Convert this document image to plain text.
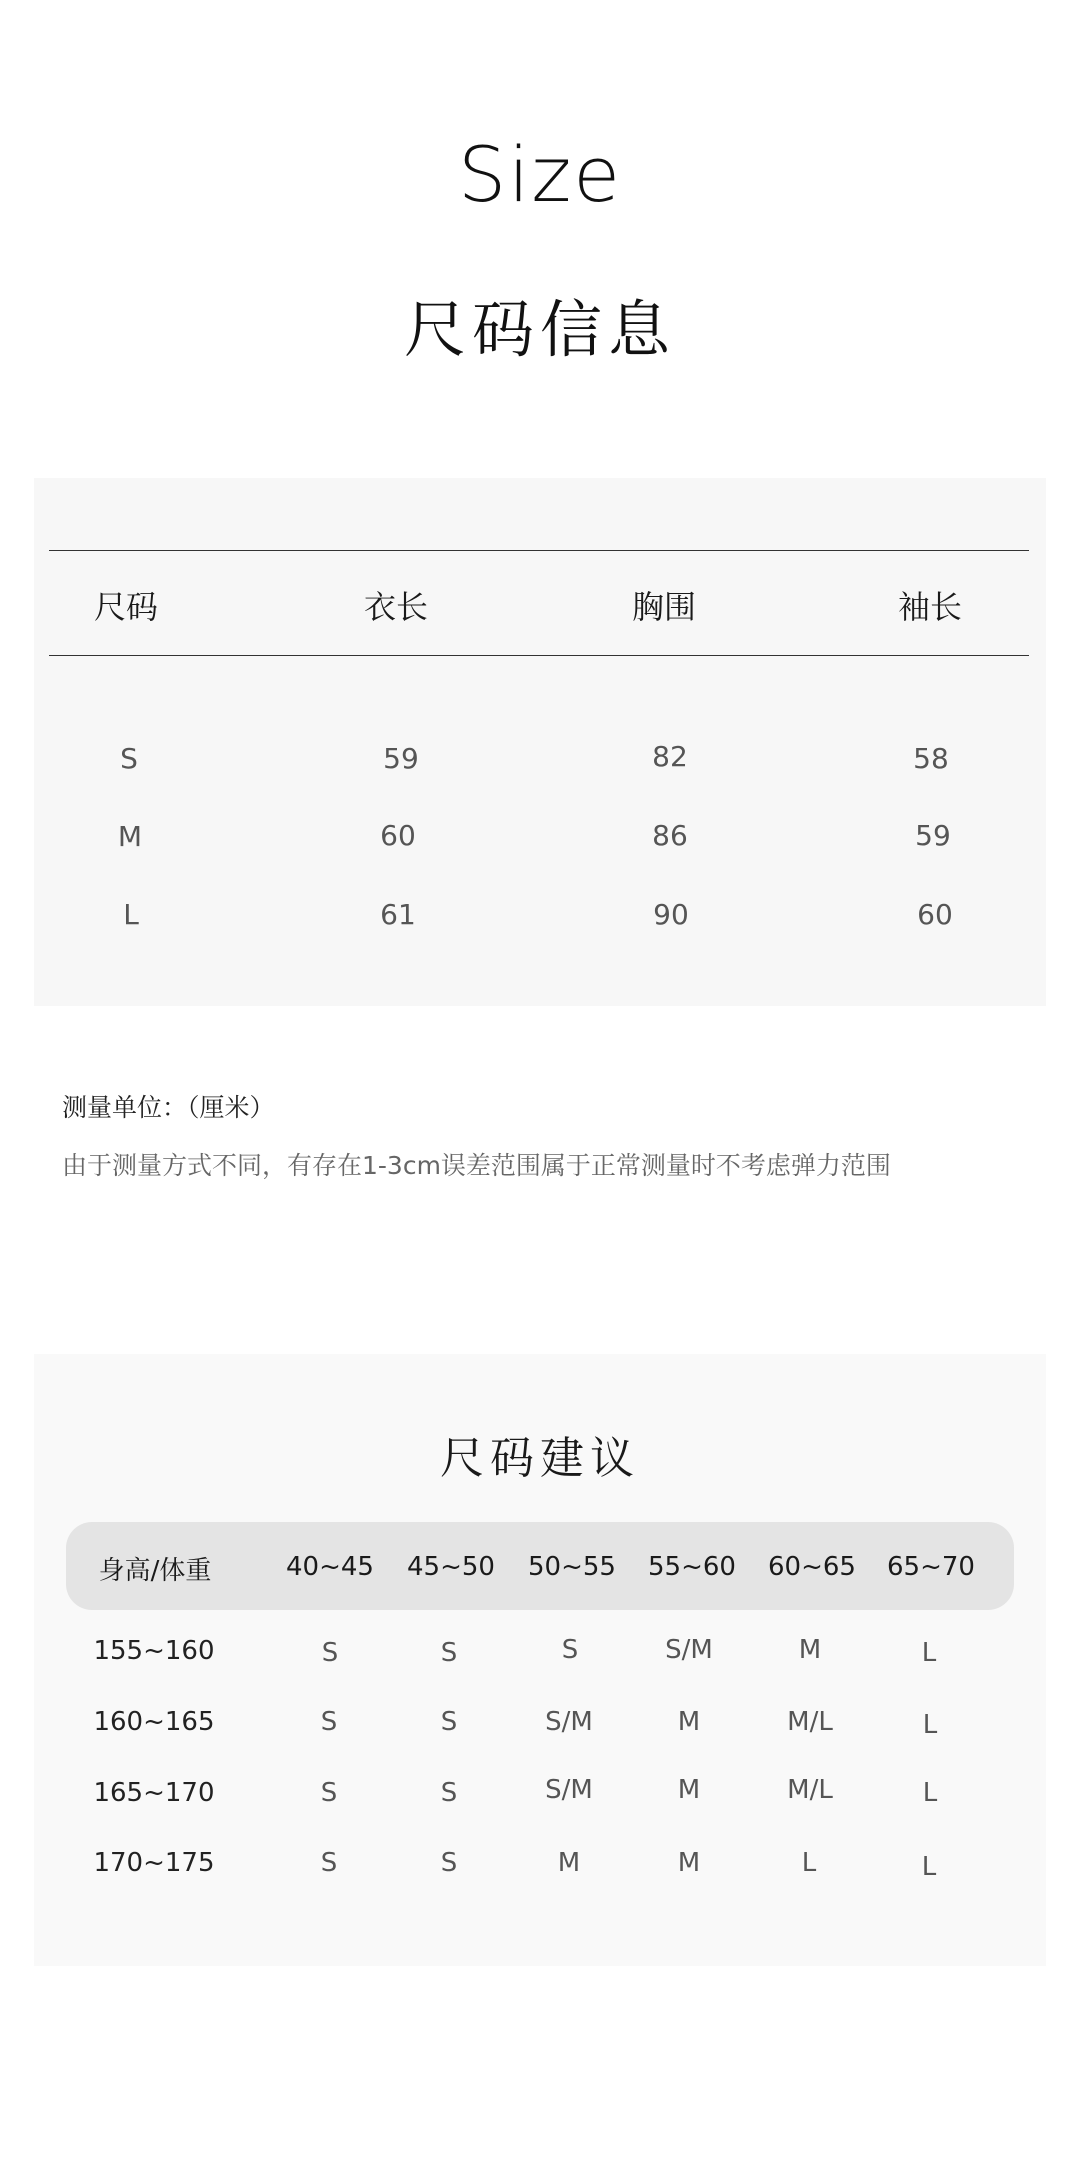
Size
尺码信息
尺码	衣长	胸围	袖长
S	59	82	58
M	60	86	59
L	61	90	60
测量单位：（厘米）
由于测量方式不同，有存在1-3cm误差范围属于正常测量时不考虑弹力范围
尺码建议
身高/体重	40~45	45~50	50~55	55~60	60~65	65~70
155~160	S	S	S	S/M	M	L
160~165	S	S	S/M	M	M/L	L
165~170	S	S	S/M	M	M/L	L
170~175	S	S	M	M	L	L
